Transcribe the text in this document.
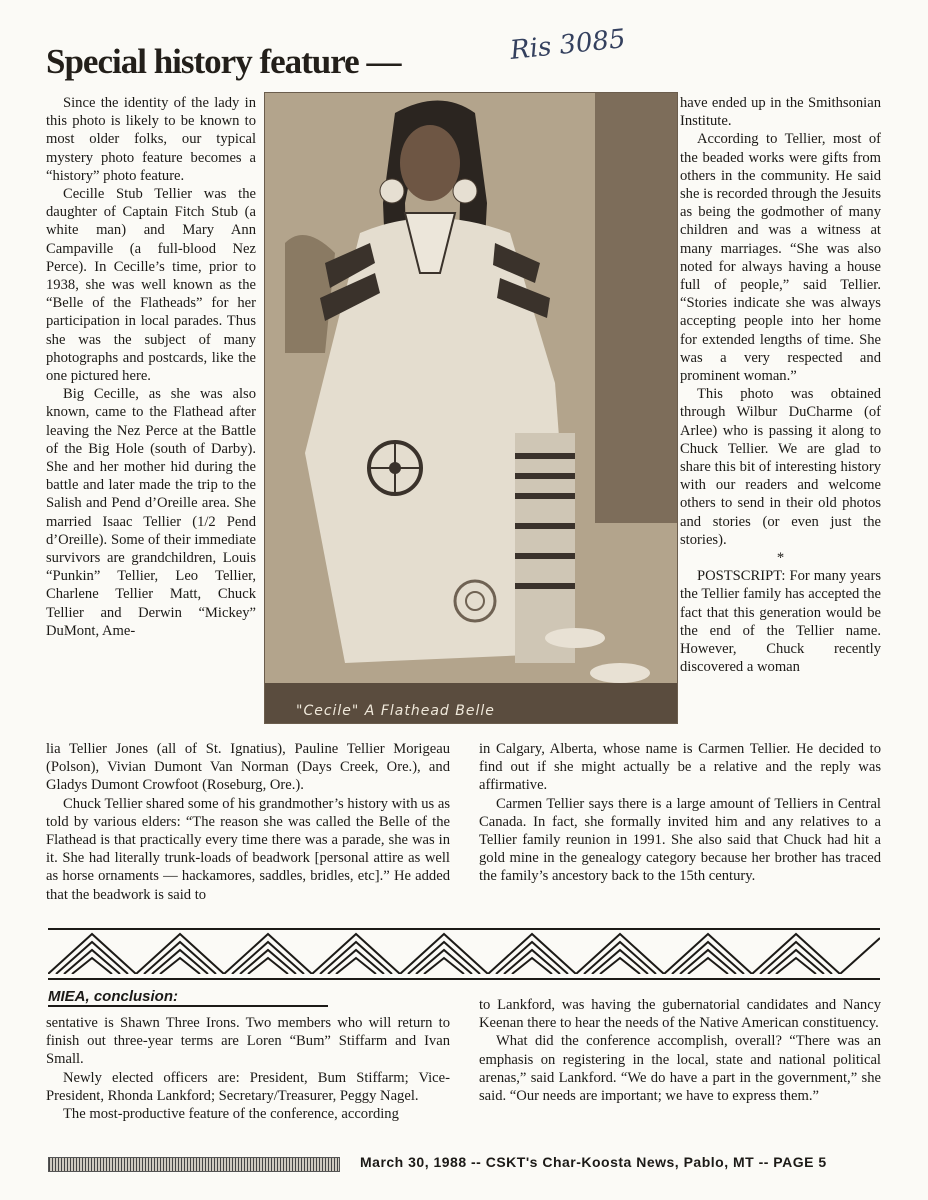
Special history feature —	Ris 3085

Since the identity of the lady in this photo is likely to be known to most older folks, our typical mystery photo feature becomes a “history” photo feature.

Cecille Stub Tellier was the daughter of Captain Fitch Stub (a white man) and Mary Ann Campaville (a full-blood Nez Perce). In Cecille’s time, prior to 1938, she was well known as the “Belle of the Flatheads” for her participation in local parades. Thus she was the subject of many photographs and postcards, like the one pictured here.

Big Cecille, as she was also known, came to the Flathead after leaving the Nez Perce at the Battle of the Big Hole (south of Darby). She and her mother hid during the battle and later made the trip to the Salish and Pend d’Oreille area. She married Isaac Tellier (1/2 Pend d’Oreille). Some of their immediate survivors are grandchildren, Louis “Punkin” Tellier, Leo Tellier, Charlene Tellier Matt, Chuck Tellier and Derwin “Mickey” DuMont, Ame-

"Cecile" A Flathead Belle

have ended up in the Smithsonian Institute.

According to Tellier, most of the beaded works were gifts from others in the community. He said she is recorded through the Jesuits as being the godmother of many children and was a witness at many marriages. “She was also noted for always having a house full of people,” said Tellier. “Stories indicate she was always accepting people into her home for extended lengths of time. She was a very respected and prominent woman.”

This photo was obtained through Wilbur DuCharme (of Arlee) who is passing it along to Chuck Tellier. We are glad to share this bit of interesting history with our readers and welcome others to send in their old photos and stories (or even just the stories).

*

POSTSCRIPT: For many years the Tellier family has accepted the fact that this generation would be the end of the Tellier name. However, Chuck recently discovered a woman

lia Tellier Jones (all of St. Ignatius), Pauline Tellier Morigeau (Polson), Vivian Dumont Van Norman (Days Creek, Ore.), and Gladys Dumont Crowfoot (Roseburg, Ore.).

Chuck Tellier shared some of his grandmother’s history with us as told by various elders: “The reason she was called the Belle of the Flathead is that practically every time there was a parade, she was in it. She had literally trunk-loads of beadwork [personal attire as well as horse ornaments — hackamores, saddles, bridles, etc].” He added that the beadwork is said to

in Calgary, Alberta, whose name is Carmen Tellier. He decided to find out if she might actually be a relative and the reply was affirmative.

Carmen Tellier says there is a large amount of Telliers in Central Canada. In fact, she formally invited him and any relatives to a Tellier family reunion in 1991. She also said that Chuck had hit a gold mine in the genealogy category because her brother has traced the family’s ancestory back to the 15th century.

MIEA, conclusion:

sentative is Shawn Three Irons. Two members who will return to finish out three-year terms are Loren “Bum” Stiffarm and Ivan Small.

Newly elected officers are: President, Bum Stiffarm; Vice-President, Rhonda Lankford; Secretary/Treasurer, Peggy Nagel.

The most-productive feature of the conference, according

to Lankford, was having the gubernatorial candidates and Nancy Keenan there to hear the needs of the Native American constituency.

What did the conference accomplish, overall? “There was an emphasis on registering in the local, state and national political arenas,” said Lankford. “We do have a part in the government,” she said. “Our needs are important; we have to express them.”

March 30, 1988 -- CSKT's Char-Koosta News, Pablo, MT -- PAGE 5
